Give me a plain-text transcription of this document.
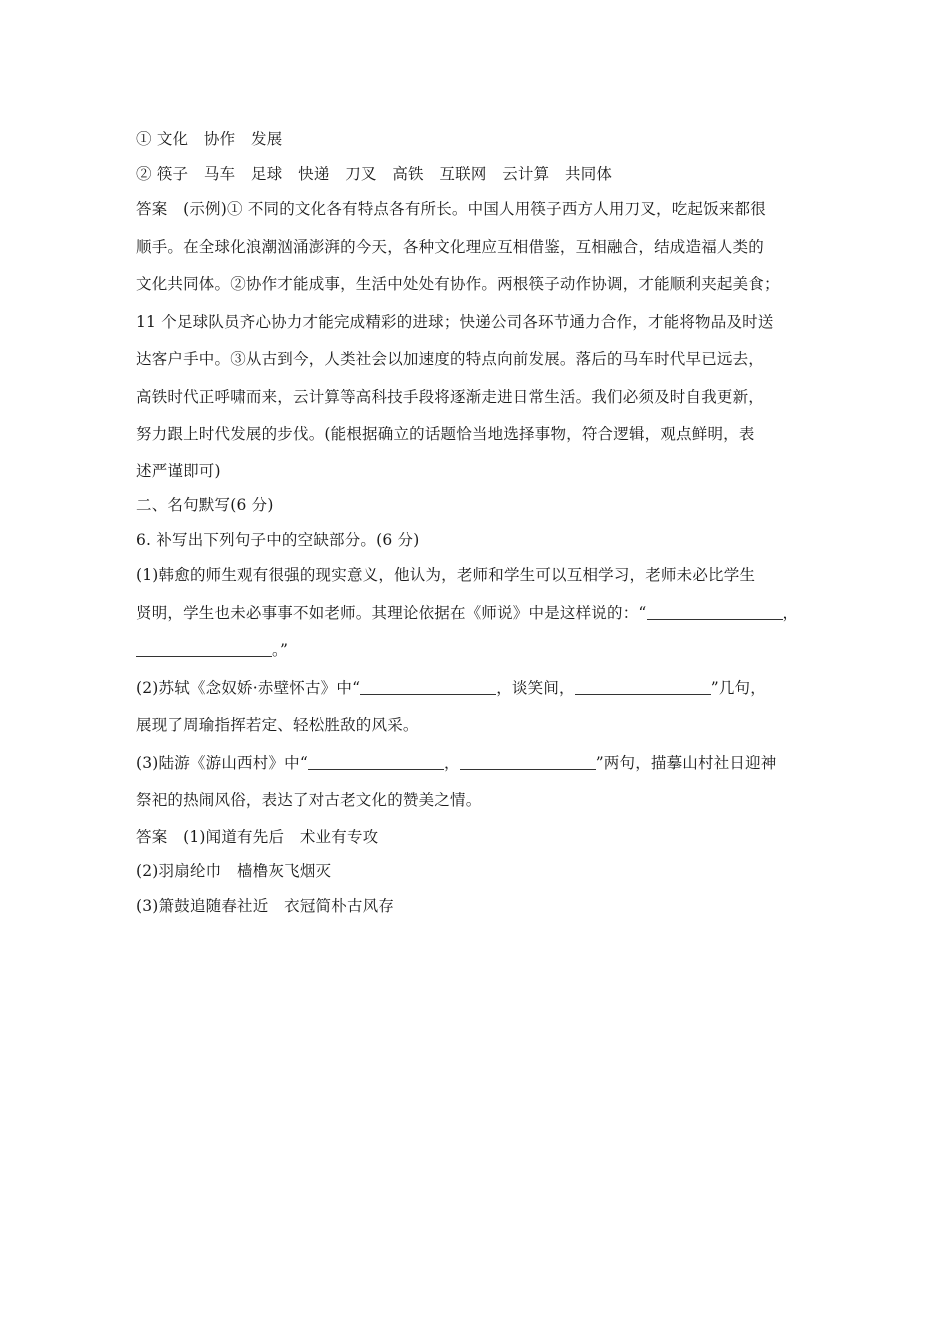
① 文化　协作　发展
② 筷子　马车　足球　快递　刀叉　高铁　互联网　云计算　共同体
答案　(示例)① 不同的文化各有特点各有所长。中国人用筷子西方人用刀叉，吃起饭来都很
顺手。在全球化浪潮汹涌澎湃的今天，各种文化理应互相借鉴，互相融合，结成造福人类的
文化共同体。②协作才能成事，生活中处处有协作。两根筷子动作协调，才能顺利夹起美食；
11 个足球队员齐心协力才能完成精彩的进球；快递公司各环节通力合作，才能将物品及时送
达客户手中。③从古到今，人类社会以加速度的特点向前发展。落后的马车时代早已远去，
高铁时代正呼啸而来，云计算等高科技手段将逐渐走进日常生活。我们必须及时自我更新，
努力跟上时代发展的步伐。(能根据确立的话题恰当地选择事物，符合逻辑，观点鲜明，表
述严谨即可)
二、名句默写(6 分)
6. 补写出下列句子中的空缺部分。(6 分)
(1)韩愈的师生观有很强的现实意义，他认为，老师和学生可以互相学习，老师未必比学生
贤明，学生也未必事事不如老师。其理论依据在《师说》中是这样说的：“	，
。”
(2)苏轼《念奴娇·赤壁怀古》中“	，谈笑间，	”几句，
展现了周瑜指挥若定、轻松胜敌的风采。
(3)陆游《游山西村》中“	，	”两句，描摹山村社日迎神
祭祀的热闹风俗，表达了对古老文化的赞美之情。
答案　(1)闻道有先后　术业有专攻
(2)羽扇纶巾　樯橹灰飞烟灭
(3)箫鼓追随春社近　衣冠简朴古风存
